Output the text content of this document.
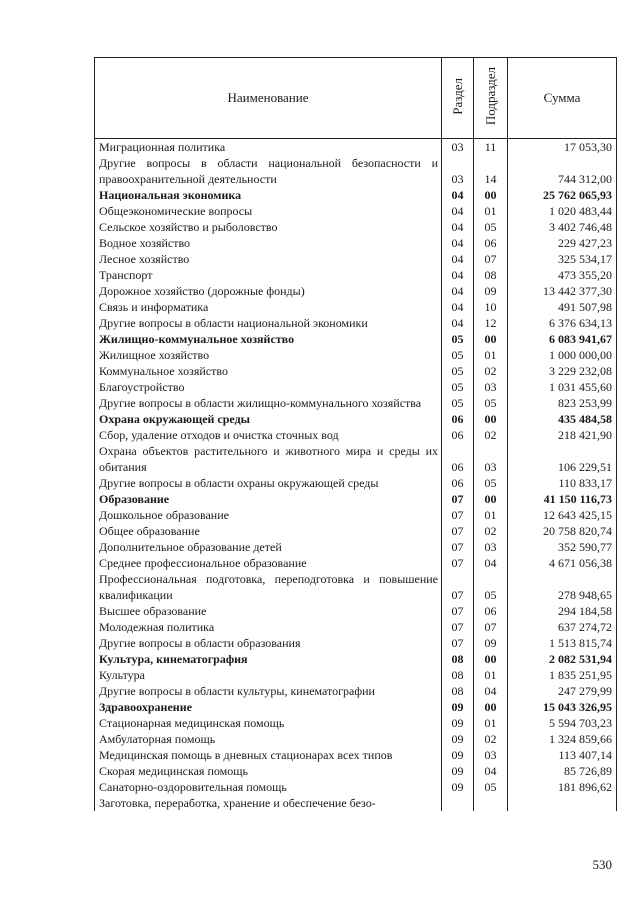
Наименование	Раздел	Подраздел	Сумма
Миграционная политика	03	11	17 053,30
Другие вопросы в области национальной безопасности и правоохранительной деятельности	03	14	744 312,00
Национальная экономика	04	00	25 762 065,93
Общеэкономические вопросы	04	01	1 020 483,44
Сельское хозяйство и рыболовство	04	05	3 402 746,48
Водное хозяйство	04	06	229 427,23
Лесное хозяйство	04	07	325 534,17
Транспорт	04	08	473 355,20
Дорожное хозяйство (дорожные фонды)	04	09	13 442 377,30
Связь и информатика	04	10	491 507,98
Другие вопросы в области национальной экономики	04	12	6 376 634,13
Жилищно-коммунальное хозяйство	05	00	6 083 941,67
Жилищное хозяйство	05	01	1 000 000,00
Коммунальное хозяйство	05	02	3 229 232,08
Благоустройство	05	03	1 031 455,60
Другие вопросы в области жилищно-коммунального хозяйства	05	05	823 253,99
Охрана окружающей среды	06	00	435 484,58
Сбор, удаление отходов и очистка сточных вод	06	02	218 421,90
Охрана объектов растительного и животного мира и среды их обитания	06	03	106 229,51
Другие вопросы в области охраны окружающей среды	06	05	110 833,17
Образование	07	00	41 150 116,73
Дошкольное образование	07	01	12 643 425,15
Общее образование	07	02	20 758 820,74
Дополнительное образование детей	07	03	352 590,77
Среднее профессиональное образование	07	04	4 671 056,38
Профессиональная подготовка, переподготовка и повышение квалификации	07	05	278 948,65
Высшее образование	07	06	294 184,58
Молодежная политика	07	07	637 274,72
Другие вопросы в области образования	07	09	1 513 815,74
Культура, кинематография	08	00	2 082 531,94
Культура	08	01	1 835 251,95
Другие вопросы в области культуры, кинематографии	08	04	247 279,99
Здравоохранение	09	00	15 043 326,95
Стационарная медицинская помощь	09	01	5 594 703,23
Амбулаторная помощь	09	02	1 324 859,66
Медицинская помощь в дневных стационарах всех типов	09	03	113 407,14
Скорая медицинская помощь	09	04	85 726,89
Санаторно-оздоровительная помощь	09	05	181 896,62
Заготовка, переработка, хранение и обеспечение безо-			
530
